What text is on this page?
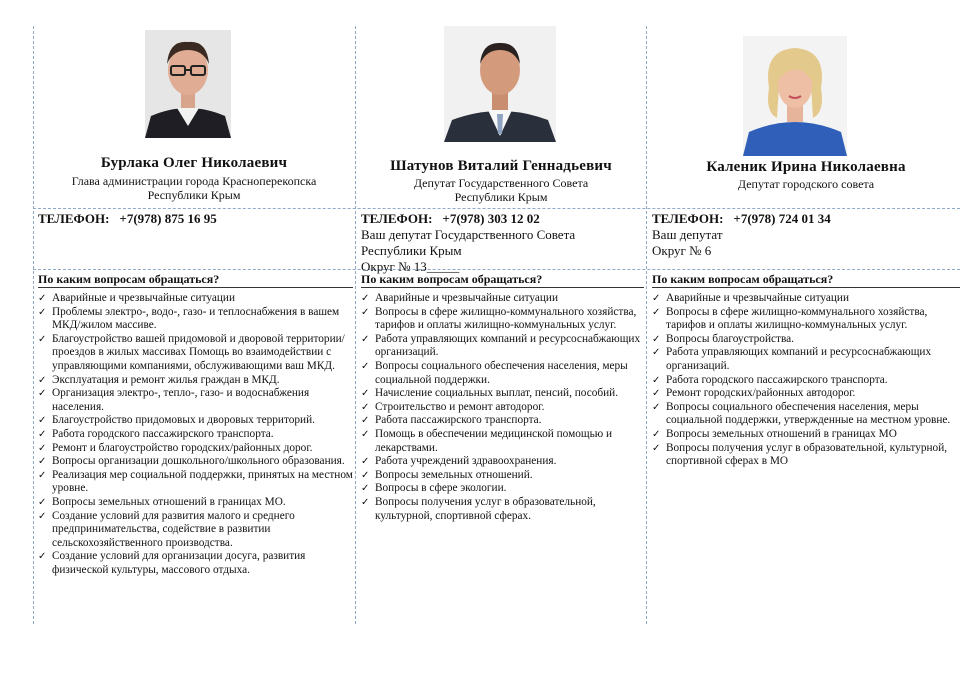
Бурлака Олег Николаевич
Глава администрации города Красноперекопска
Республики Крым
ТЕЛЕФОН: +7(978) 875 16 95
По каким вопросам обращаться?
✓ Аварийные и чрезвычайные ситуации
✓ Проблемы электро-, водо-, газо- и теплоснабжения в вашем МКД/жилом массиве.
✓ Благоустройство вашей придомовой и дворовой территории/проездов в жилых массивах Помощь во взаимодействии с управляющими компаниями, обслуживающими ваш МКД.
✓ Эксплуатация и ремонт жилья граждан в МКД.
✓ Организация электро-, тепло-, газо- и водоснабжения населения.
✓ Благоустройство придомовых и дворовых территорий.
✓ Работа городского пассажирского транспорта.
✓ Ремонт и благоустройство городских/районных дорог.
✓ Вопросы организации дошкольного/школьного образования.
✓ Реализация мер социальной поддержки, принятых на местном уровне.
✓ Вопросы земельных отношений в границах МО.
✓ Создание условий для развития малого и среднего предпринимательства, содействие в развитии сельскохозяйственного производства.
✓ Создание условий для организации досуга, развития физической культуры, массового отдыха.
Шатунов Виталий Геннадьевич
Депутат Государственного Совета
Республики Крым
ТЕЛЕФОН: +7(978) 303 12 02
Ваш депутат Государственного Совета
Республики Крым
Округ № 13_____
По каким вопросам обращаться?
✓ Аварийные и чрезвычайные ситуации
✓ Вопросы в сфере жилищно-коммунального хозяйства, тарифов и оплаты жилищно-коммунальных услуг.
✓ Работа управляющих компаний и ресурсоснабжающих организаций.
✓ Вопросы социального обеспечения населения, меры социальной поддержки.
✓ Начисление социальных выплат, пенсий, пособий.
✓ Строительство и ремонт автодорог.
✓ Работа пассажирского транспорта.
✓ Помощь в обеспечении медицинской помощью и лекарствами.
✓ Работа учреждений здравоохранения.
✓ Вопросы земельных отношений.
✓ Вопросы в сфере экологии.
✓ Вопросы получения услуг в образовательной, культурной, спортивной сферах.
Каленик Ирина Николаевна
Депутат городского совета
ТЕЛЕФОН: +7(978) 724 01 34
Ваш депутат
Округ № 6
По каким вопросам обращаться?
✓ Аварийные и чрезвычайные ситуации
✓ Вопросы в сфере жилищно-коммунального хозяйства, тарифов и оплаты жилищно-коммунальных услуг.
✓ Вопросы благоустройства.
✓ Работа управляющих компаний и ресурсоснабжающих организаций.
✓ Работа городского пассажирского транспорта.
✓ Ремонт городских/районных автодорог.
✓ Вопросы социального обеспечения населения, меры социальной поддержки, утвержденные на местном уровне.
✓ Вопросы земельных отношений в границах МО
✓ Вопросы получения услуг в образовательной, культурной, спортивной сферах в МО
